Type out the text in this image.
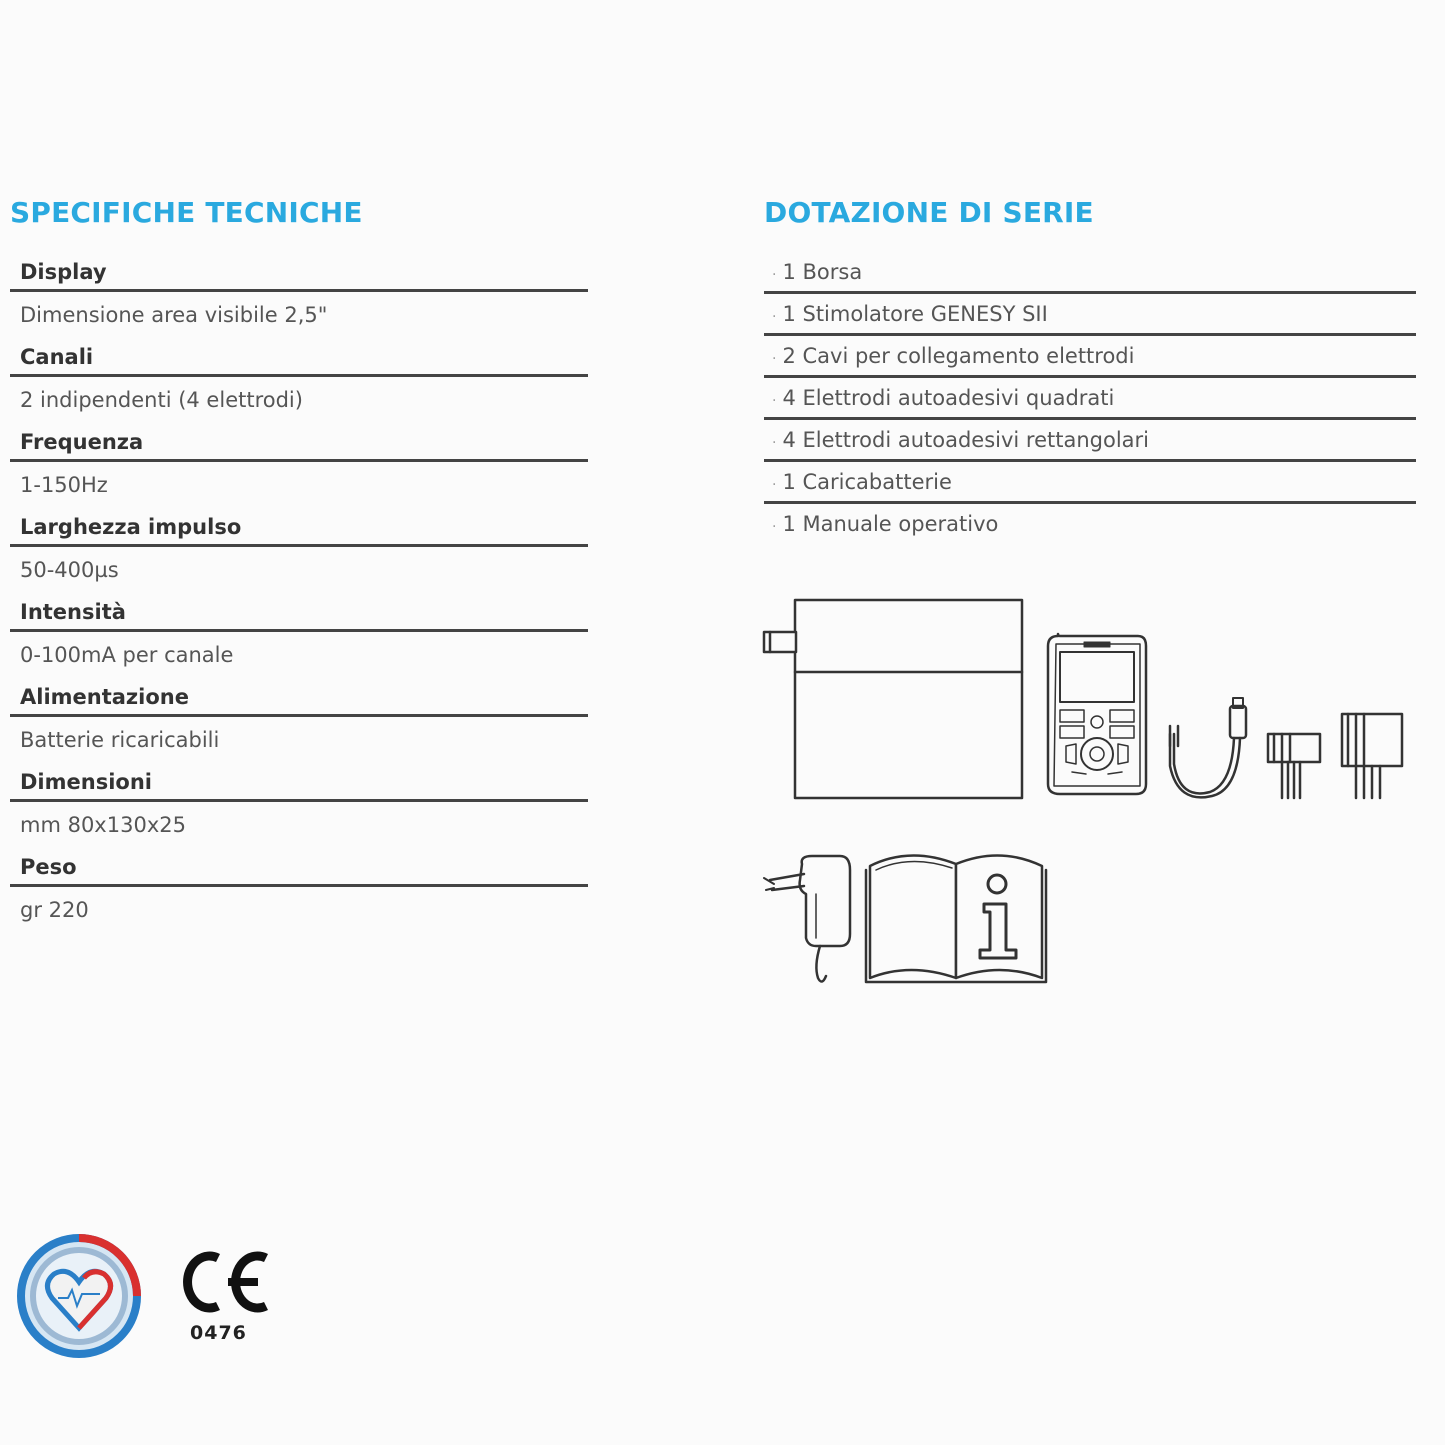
SPECIFICHE TECNICHE	DOTAZIONE DI SERIE
Display
Dimensione area visibile 2,5"
Canali
2 indipendenti (4 elettrodi)
Frequenza
1-150Hz
Larghezza impulso
50-400µs
Intensità
0-100mA per canale
Alimentazione
Batterie ricaricabili
Dimensioni
mm 80x130x25
Peso
gr 220
· 1 Borsa
· 1 Stimolatore GENESY SII
· 2 Cavi per collegamento elettrodi
· 4 Elettrodi autoadesivi quadrati
· 4 Elettrodi autoadesivi rettangolari
· 1 Caricabatterie
· 1 Manuale operativo
0476
